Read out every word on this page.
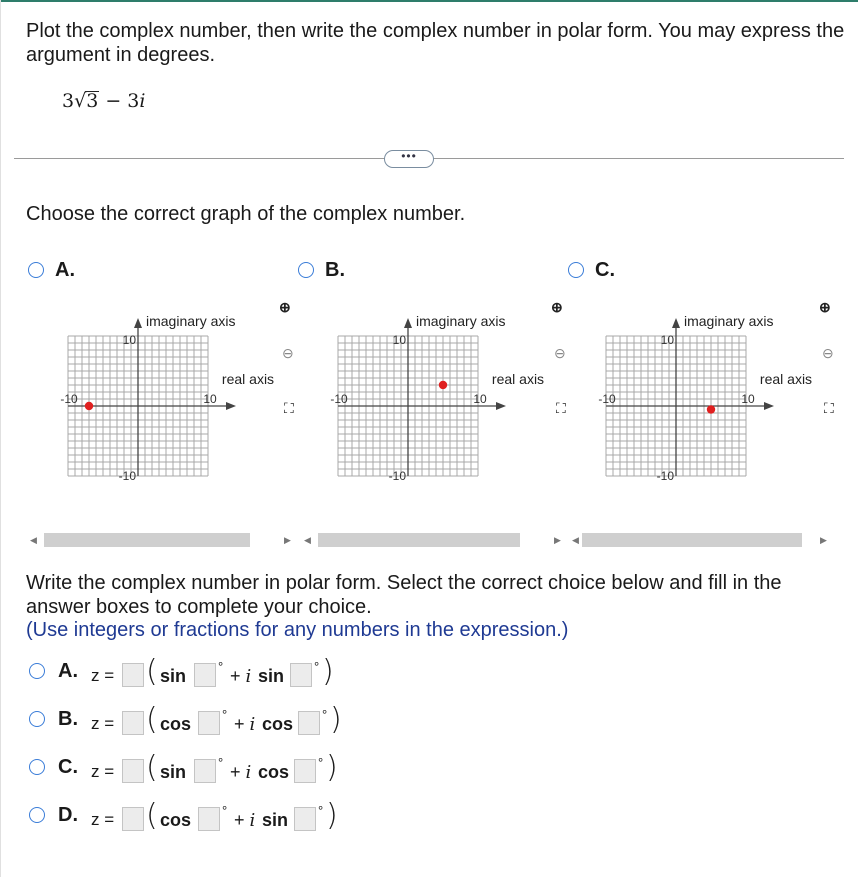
Plot the complex number, then write the complex number in polar form. You may express the argument in degrees.
3√3 − 3i
•••
Choose the correct graph of the complex number.
A.
10
-10
-10	10
imaginary axis
real axis
⊕
⊖
⛶
B.
10
-10
-10	10
imaginary axis
real axis
⊕
⊖
⛶
C.
10
-10
-10	10
imaginary axis
real axis
⊕
⊖
⛶
◀	▶ ◀	▶ ◀	▶
Write the complex number in polar form. Select the correct choice below and fill in the answer boxes to complete your choice.
(Use integers or fractions for any numbers in the expression.)
A. z = ( sin ° + i sin ° )
B. z = ( cos ° + i cos ° )
C. z = ( sin ° + i cos ° )
D. z = ( cos ° + i sin ° )
